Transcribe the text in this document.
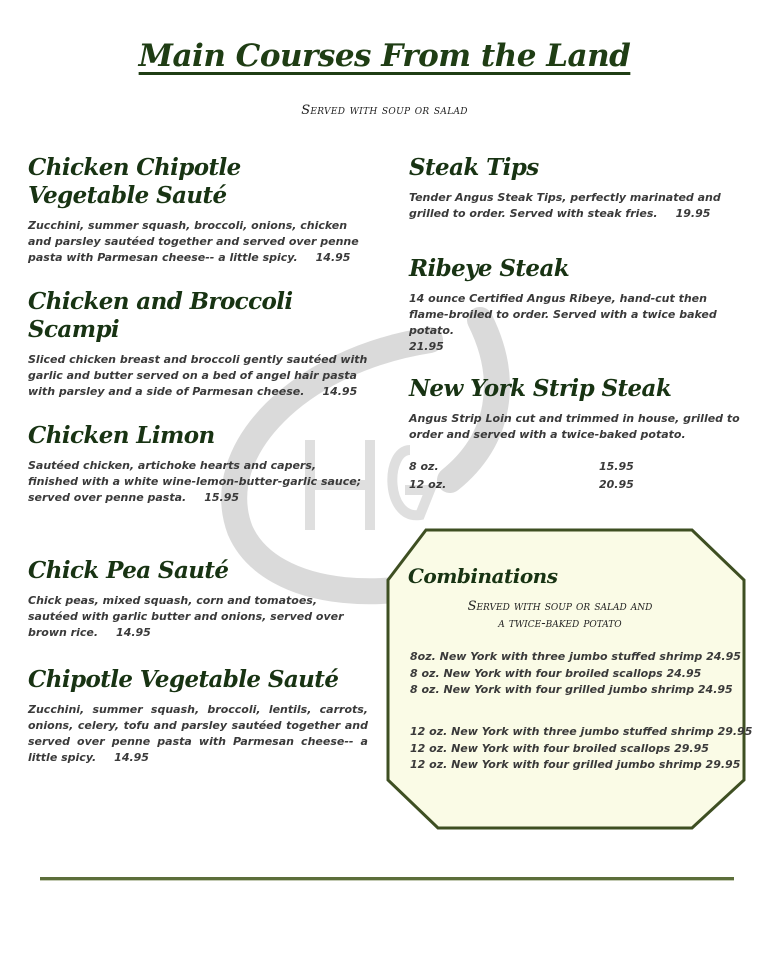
Main Courses From the Land
Served with soup or salad
Chicken Chipotle Vegetable Sauté

Zucchini, summer squash, broccoli, onions, chicken and parsley sautéed together and served over penne pasta with Parmesan cheese-- a little spicy. 14.95

Chicken and Broccoli Scampi

Sliced chicken breast and broccoli gently sautéed with garlic and butter served on a bed of angel hair pasta with parsley and a side of Parmesan cheese. 14.95

Chicken Limon

Sautéed chicken, artichoke hearts and capers, finished with a white wine-lemon-butter-garlic sauce; served over penne pasta. 15.95

Chick Pea Sauté

Chick peas, mixed squash, corn and tomatoes, sautéed with garlic butter and onions, served over brown rice. 14.95

Chipotle Vegetable Sauté

Zucchini, summer squash, broccoli, lentils, carrots, onions, celery, tofu and parsley sautéed together and served over penne pasta with Parmesan cheese-- a little spicy. 14.95

Steak Tips

Tender Angus Steak Tips, perfectly marinated and grilled to order. Served with steak fries. 19.95

Ribeye Steak

14 ounce Certified Angus Ribeye, hand-cut then flame-broiled to order. Served with a twice baked potato.
21.95

New York Strip Steak

Angus Strip Loin cut and trimmed in house, grilled to order and served with a twice-baked potato.

8 oz.	15.95
12 oz.	20.95
Combinations
Served with soup or salad and
a twice-baked potato
8oz. New York with three jumbo stuffed shrimp 24.95
8 oz. New York with four broiled scallops 24.95
8 oz. New York with four grilled jumbo shrimp 24.95
12 oz. New York with three jumbo stuffed shrimp 29.95
12 oz. New York with four broiled scallops 29.95
12 oz. New York with four grilled jumbo shrimp 29.95
